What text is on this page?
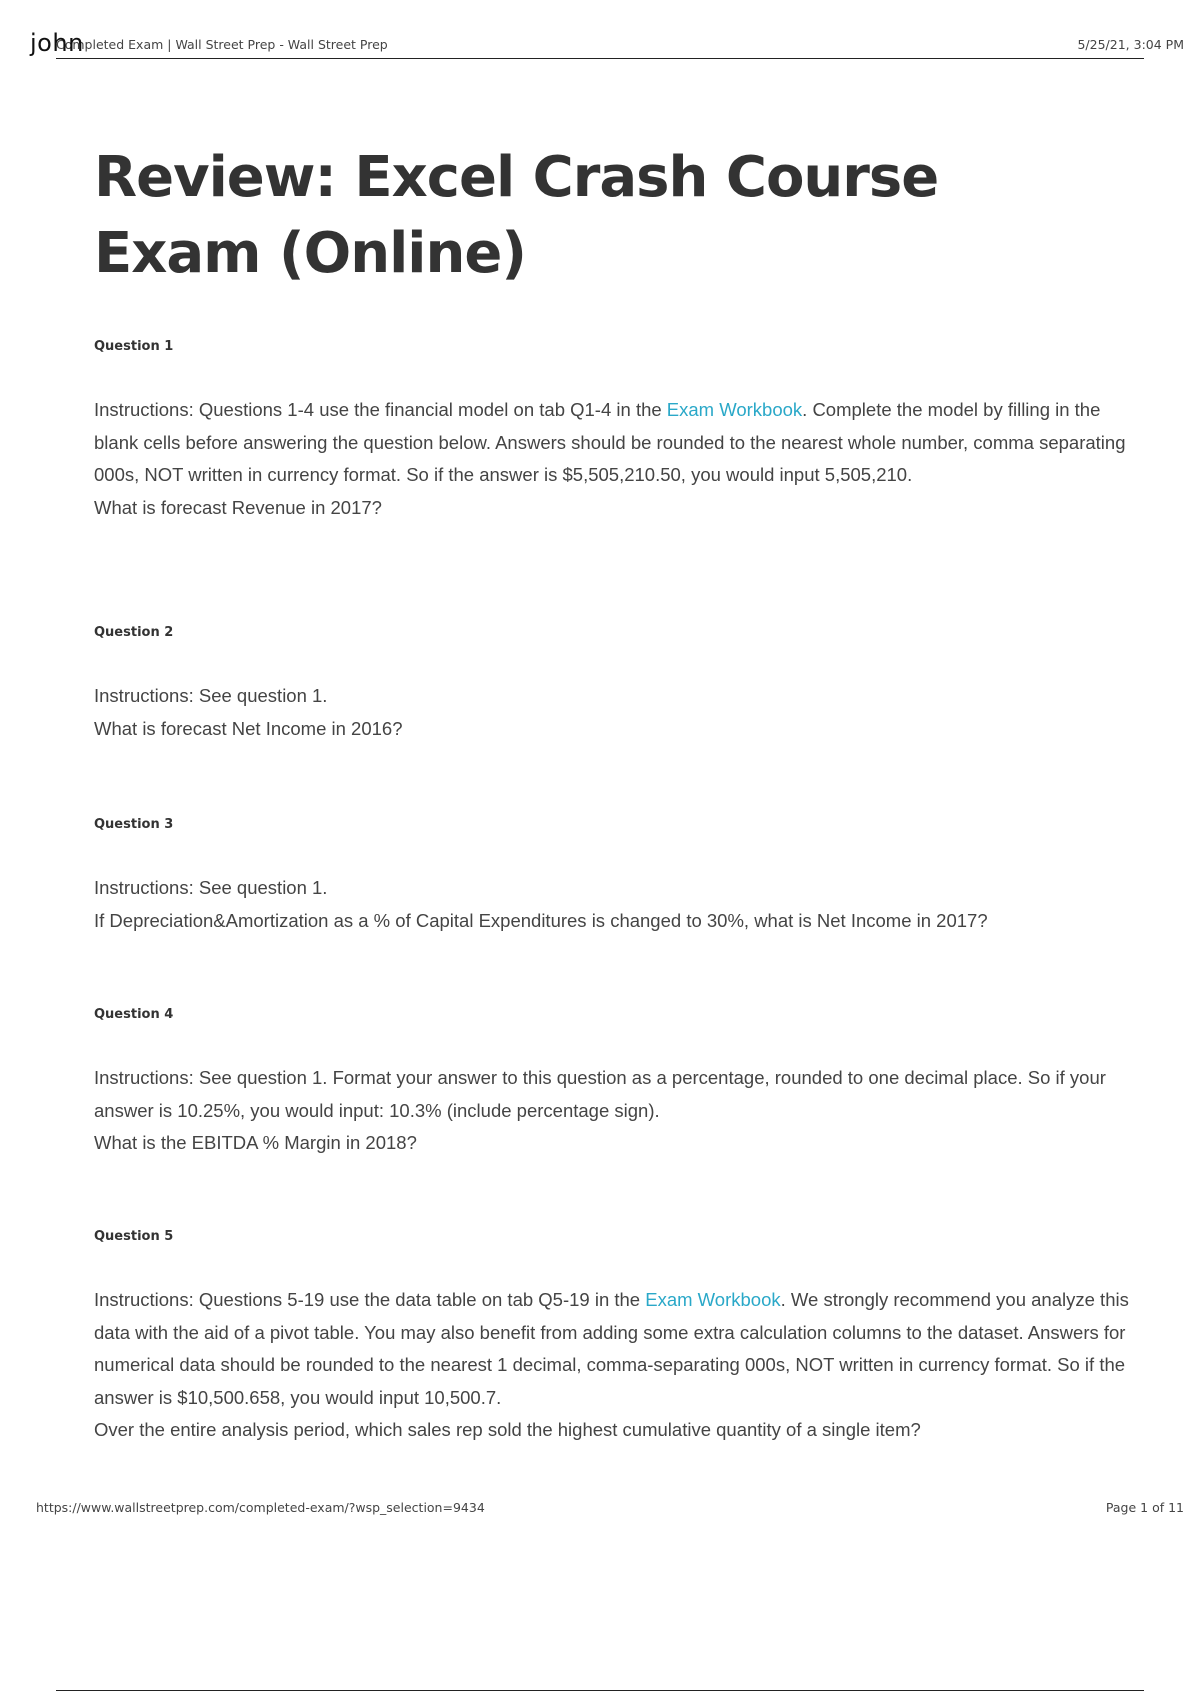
Completed Exam | Wall Street Prep - Wall Street Prep	5/25/21, 3:04 PM
john
Review: Excel Crash Course Exam (Online)
Question 1

Instructions: Questions 1-4 use the financial model on tab Q1-4 in the Exam Workbook. Complete the model by filling in the blank cells before answering the question below. Answers should be rounded to the nearest whole number, comma separating 000s, NOT written in currency format. So if the answer is $5,505,210.50, you would input 5,505,210.

What is forecast Revenue in 2017?

Question 2

Instructions: See question 1.

What is forecast Net Income in 2016?

Question 3

Instructions: See question 1.

If Depreciation&Amortization as a % of Capital Expenditures is changed to 30%, what is Net Income in 2017?

Question 4

Instructions: See question 1. Format your answer to this question as a percentage, rounded to one decimal place. So if your answer is 10.25%, you would input: 10.3% (include percentage sign).

What is the EBITDA % Margin in 2018?

Question 5

Instructions: Questions 5-19 use the data table on tab Q5-19 in the Exam Workbook. We strongly recommend you analyze this data with the aid of a pivot table. You may also benefit from adding some extra calculation columns to the dataset. Answers for numerical data should be rounded to the nearest 1 decimal, comma-separating 000s, NOT written in currency format. So if the answer is $10,500.658, you would input 10,500.7.

Over the entire analysis period, which sales rep sold the highest cumulative quantity of a single item?

https://www.wallstreetprep.com/completed-exam/?wsp_selection=9434	Page 1 of 11
